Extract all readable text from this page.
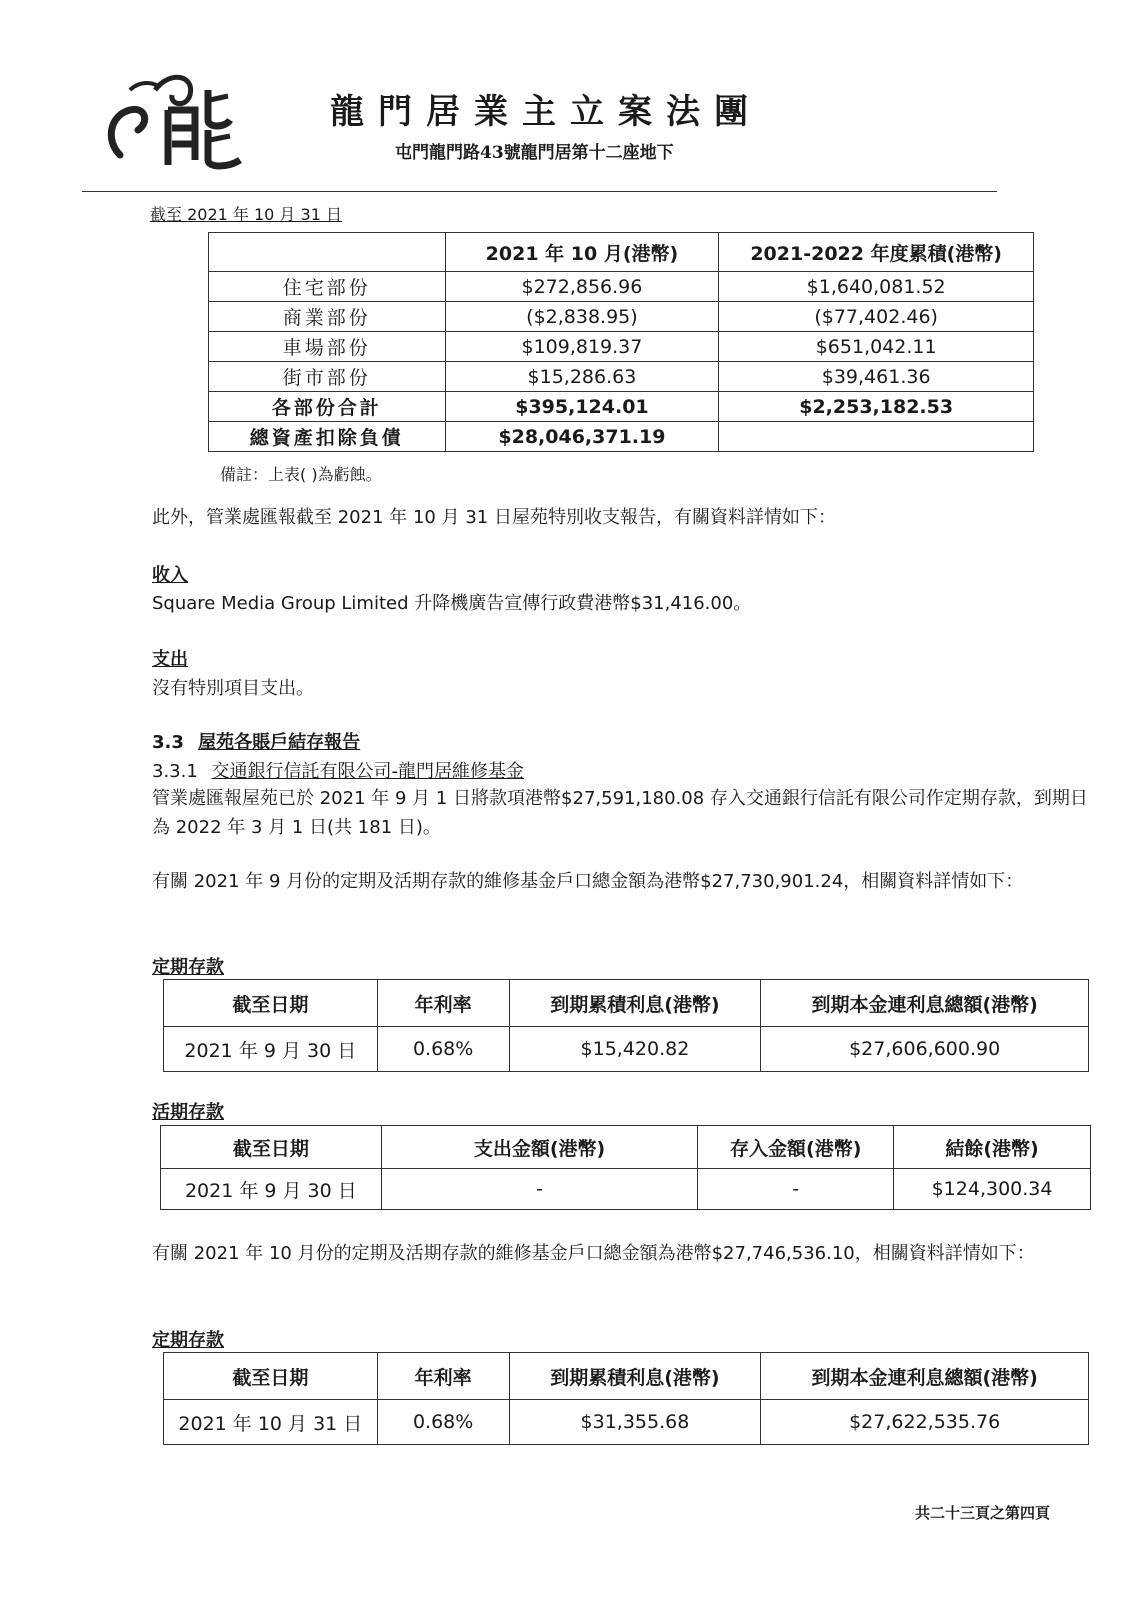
龍門居業主立案法團
屯門龍門路43號龍門居第十二座地下
截至 2021 年 10 月 31 日
	2021 年 10 月(港幣)	2021-2022 年度累積(港幣)
住宅部份	$272,856.96	$1,640,081.52
商業部份	($2,838.95)	($77,402.46)
車場部份	$109,819.37	$651,042.11
街市部份	$15,286.63	$39,461.36
各部份合計	$395,124.01	$2,253,182.53
總資產扣除負債	$28,046,371.19	
備註：上表( )為虧蝕。
此外，管業處匯報截至 2021 年 10 月 31 日屋苑特別收支報告，有關資料詳情如下：
收入
Square Media Group Limited 升降機廣告宣傳行政費港幣$31,416.00。
支出
沒有特別項目支出。
3.3 屋苑各賬戶結存報告
3.3.1 交通銀行信託有限公司-龍門居維修基金
管業處匯報屋苑已於 2021 年 9 月 1 日將款項港幣$27,591,180.08 存入交通銀行信託有限公司作定期存款，到期日為 2022 年 3 月 1 日(共 181 日)。
有關 2021 年 9 月份的定期及活期存款的維修基金戶口總金額為港幣$27,730,901.24，相關資料詳情如下：
定期存款
截至日期	年利率	到期累積利息(港幣)	到期本金連利息總額(港幣)
2021 年 9 月 30 日	0.68%	$15,420.82	$27,606,600.90
活期存款
截至日期	支出金額(港幣)	存入金額(港幣)	結餘(港幣)
2021 年 9 月 30 日	-	-	$124,300.34
有關 2021 年 10 月份的定期及活期存款的維修基金戶口總金額為港幣$27,746,536.10，相關資料詳情如下：
定期存款
截至日期	年利率	到期累積利息(港幣)	到期本金連利息總額(港幣)
2021 年 10 月 31 日	0.68%	$31,355.68	$27,622,535.76
共二十三頁之第四頁
